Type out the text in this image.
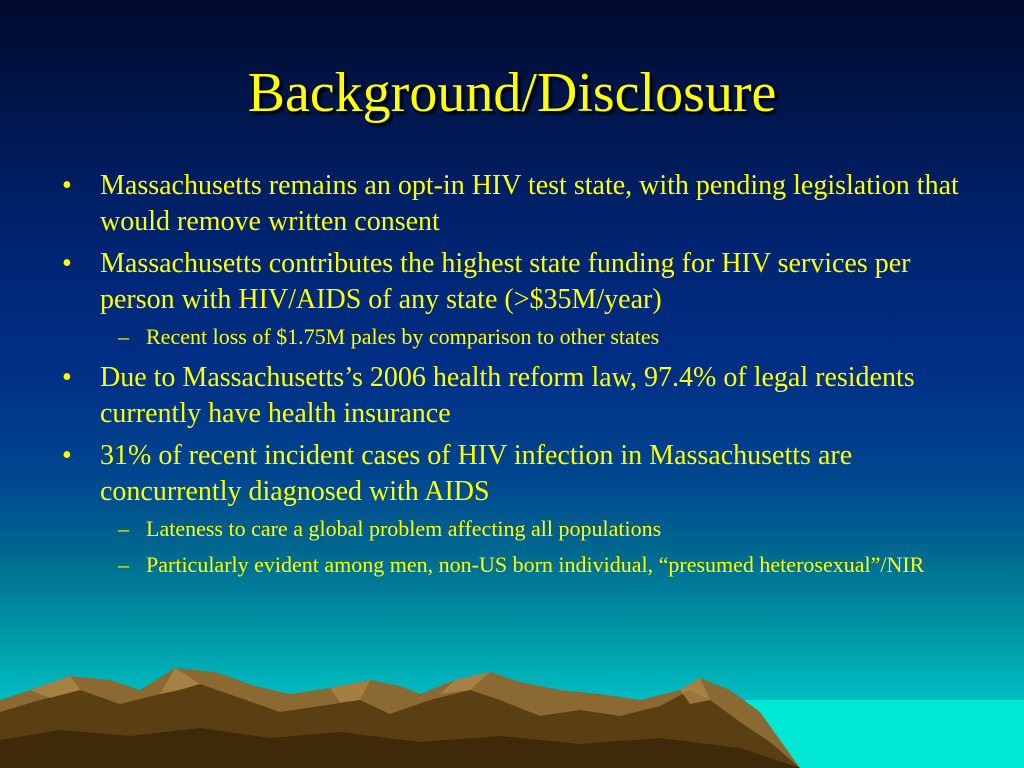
Background/Disclosure
• Massachusetts remains an opt-in HIV test state, with pending legislation that would remove written consent
• Massachusetts contributes the highest state funding for HIV services per person with HIV/AIDS of any state (>$35M/year)
– Recent loss of $1.75M pales by comparison to other states
• Due to Massachusetts’s 2006 health reform law, 97.4% of legal residents currently have health insurance
• 31% of recent incident cases of HIV infection in Massachusetts are concurrently diagnosed with AIDS
– Lateness to care a global problem affecting all populations
– Particularly evident among men, non-US born individual, “presumed heterosexual”/NIR
